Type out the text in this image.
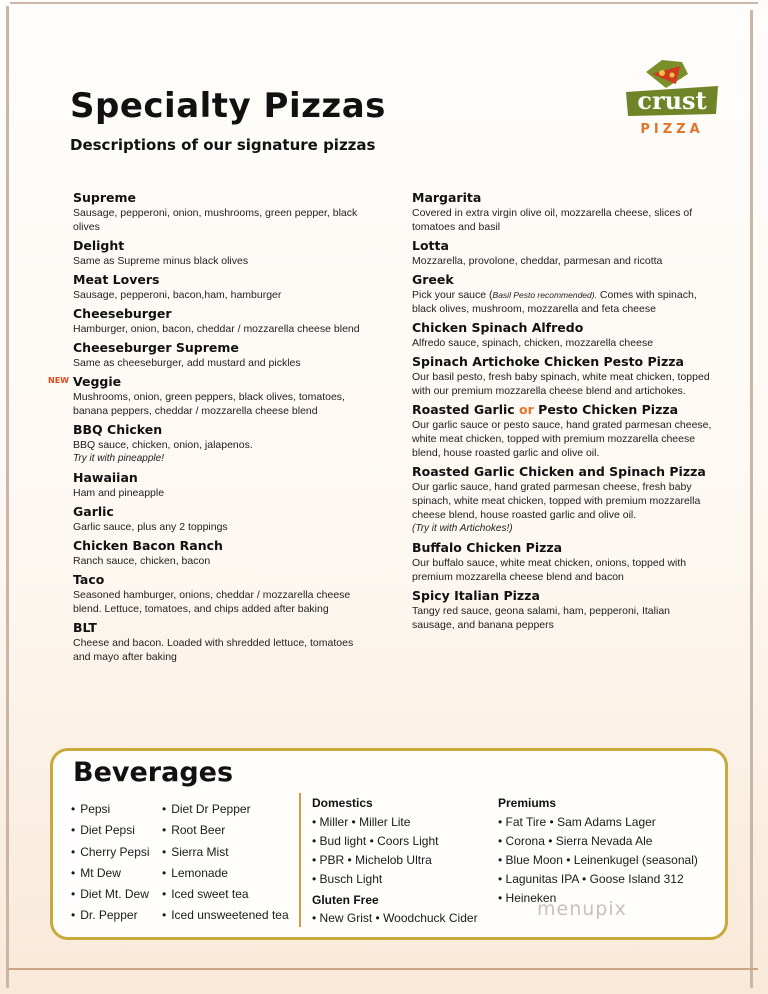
Specialty Pizzas
Descriptions of our signature pizzas
crust
PIZZA
Supreme
Sausage, pepperoni, onion, mushrooms, green pepper, black olives
Delight
Same as Supreme minus black olives
Meat Lovers
Sausage, pepperoni, bacon,ham, hamburger
Cheeseburger
Hamburger, onion, bacon, cheddar / mozzarella cheese blend
Cheeseburger Supreme
Same as cheeseburger, add mustard and pickles
NEW Veggie
Mushrooms, onion, green peppers, black olives, tomatoes, banana peppers, cheddar / mozzarella cheese blend
BBQ Chicken
BBQ sauce, chicken, onion, jalapenos.
Try it with pineapple!
Hawaiian
Ham and pineapple
Garlic
Garlic sauce, plus any 2 toppings
Chicken Bacon Ranch
Ranch sauce, chicken, bacon
Taco
Seasoned hamburger, onions, cheddar / mozzarella cheese blend. Lettuce, tomatoes, and chips added after baking
BLT
Cheese and bacon. Loaded with shredded lettuce, tomatoes and mayo after baking
Margarita
Covered in extra virgin olive oil, mozzarella cheese, slices of tomatoes and basil
Lotta
Mozzarella, provolone, cheddar, parmesan and ricotta
Greek
Pick your sauce (Basil Pesto recommended). Comes with spinach, black olives, mushroom, mozzarella and feta cheese
Chicken Spinach Alfredo
Alfredo sauce, spinach, chicken, mozzarella cheese
Spinach Artichoke Chicken Pesto Pizza
Our basil pesto, fresh baby spinach, white meat chicken, topped with our premium mozzarella cheese blend and artichokes.
Roasted Garlic or Pesto Chicken Pizza
Our garlic sauce or pesto sauce, hand grated parmesan cheese, white meat chicken, topped with premium mozzarella cheese blend, house roasted garlic and olive oil.
Roasted Garlic Chicken and Spinach Pizza
Our garlic sauce, hand grated parmesan cheese, fresh baby spinach, white meat chicken, topped with premium mozzarella cheese blend, house roasted garlic and olive oil.
(Try it with Artichokes!)
Buffalo Chicken Pizza
Our buffalo sauce, white meat chicken, onions, topped with premium mozzarella cheese blend and bacon
Spicy Italian Pizza
Tangy red sauce, geona salami, ham, pepperoni, Italian sausage, and banana peppers
Beverages
• Pepsi
• Diet Pepsi
• Cherry Pepsi
• Mt Dew
• Diet Mt. Dew
• Dr. Pepper
• Diet Dr Pepper
• Root Beer
• Sierra Mist
• Lemonade
• Iced sweet tea
• Iced unsweetened tea
Domestics
• Miller • Miller Lite
• Bud light • Coors Light
• PBR • Michelob Ultra
• Busch Light
Gluten Free
• New Grist • Woodchuck Cider
Premiums
• Fat Tire • Sam Adams Lager
• Corona • Sierra Nevada Ale
• Blue Moon • Leinenkugel (seasonal)
• Lagunitas IPA • Goose Island 312
• Heineken
menupix
